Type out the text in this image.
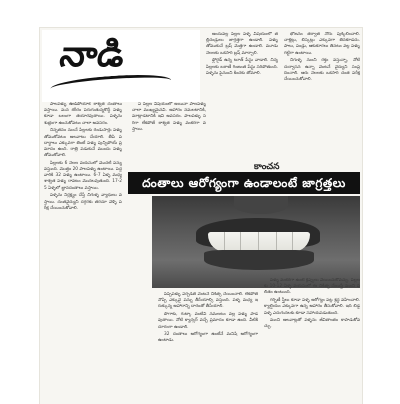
నాడి

పాలపళ్ళు ఊడిపోయాక శాశ్వత దంతాలు వస్తాయి. మన శరీరం పెరుగుతున్నకొద్దీ పళ్ళు కూడా బలంగా తయారవుతాయి. పళ్ళను శుభ్రంగా ఉంచుకోవటం చాలా అవసరం.

చిన్నతనం నుంచే పిల్లలకు రెండుసార్లు పళ్ళు తోముకోవటం అలవాటు చేయాలి. తీపి పదార్థాలు ఎక్కువగా తింటే పళ్ళు పుచ్చిపోయే ప్రమాదం ఉంది. రాత్రి పడుకునే ముందు పళ్ళు తోముకోవాలి.

పిల్లలకు 6 నెలల వయసులో మొదటి పన్ను వస్తుంది. మొత్తం 20 పాలపళ్ళు ఉంటాయి. పెద్దవారికి 32 పళ్ళు ఉంటాయి. 6-7 ఏళ్ళ మధ్య శాశ్వత పళ్ళు రావటం మొదలవుతుంది. 17-25 ఏళ్ళలో జ్ఞానదంతాలు వస్తాయి.

పళ్ళను నిర్లక్ష్యం చేస్తే చిగుళ్ళ వ్యాధులు వస్తాయి. దంతవైద్యుని దగ్గరకు తరచూ వెళ్ళి పరీక్ష చేయించుకోవాలి.

ఏ పిల్లల విషయంలో అయినా పాలపళ్ళు చాలా ముఖ్యమైనవి. ఆహారం నమలటానికి, మాట్లాడటానికి ఇవి అవసరం. పాలపళ్ళు సరిగా లేకపోతే శాశ్వత పళ్ళు వంకరగా వస్తాయి.

అందువల్ల పిల్లల పళ్ళ విషయంలో తల్లిదండ్రులు జాగ్రత్తగా ఉండాలి. పళ్ళు తోముకునే బ్రష్ మెత్తగా ఉండాలి. మూడు నెలలకు ఒకసారి బ్రష్ మార్చాలి.

ఫ్లోరైడ్ ఉన్న టూత్ పేస్టు వాడాలి. చిన్నపిల్లలకు బఠాణీ గింజంత పేస్టు సరిపోతుంది. పళ్ళను పైనుంచి కిందకు తోమాలి.

భోజనం తర్వాత నోరు పుక్కిలించాలి. చాక్లెట్లు, బిస్కెట్లు ఎక్కువగా తినకూడదు. పాలు, పండ్లు, ఆకుకూరలు తినటం వల్ల పళ్ళు గట్టిగా ఉంటాయి.

చిగుళ్ళ నుంచి రక్తం వస్తున్నా, నోటి దుర్వాసన ఉన్నా వెంటనే వైద్యుని సంప్రదించాలి. ఆరు నెలలకు ఒకసారి దంత పరీక్ష చేయించుకోవాలి.

కాంచన
దంతాలు ఆరోగ్యంగా ఉండాలంటే జాగ్రత్తలు

పిప్పిపళ్ళు ఏర్పడితే వెంటనే చికిత్స చేయించాలి. లేకపోతే నొప్పి ఎక్కువై పన్ను తీసేయాల్సి వస్తుంది. పళ్ళ మధ్య ఇరుక్కున్న ఆహారాన్ని దారంతో తీసేయాలి.

పొగాకు, గుట్కా వంటివి నమలటం వల్ల పళ్ళు పాడవుతాయి. నోటి క్యాన్సర్ వచ్చే ప్రమాదం కూడా ఉంది. వీటికి దూరంగా ఉండాలి.

32 దంతాలు ఆరోగ్యంగా ఉంటేనే మనిషి ఆరోగ్యంగా ఉంటాడు.

పళ్ళు వంకరగా ఉంటే క్లిప్పులు వేయించుకోవచ్చు. పిల్లలకు 10-12 ఏళ్ళ వయసులో ఈ చికిత్స చేయిస్తే మంచి ఫలితం ఉంటుంది.

గర్భిణీ స్త్రీలు కూడా పళ్ళ ఆరోగ్యం పట్ల శ్రద్ధ వహించాలి. క్యాల్షియం ఎక్కువగా ఉన్న ఆహారం తీసుకోవాలి. ఇది బిడ్డ పళ్ళ ఎదుగుదలకు కూడా సహాయపడుతుంది.

మంచి అలవాట్లతో పళ్ళను జీవితాంతం కాపాడుకోవచ్చు.
